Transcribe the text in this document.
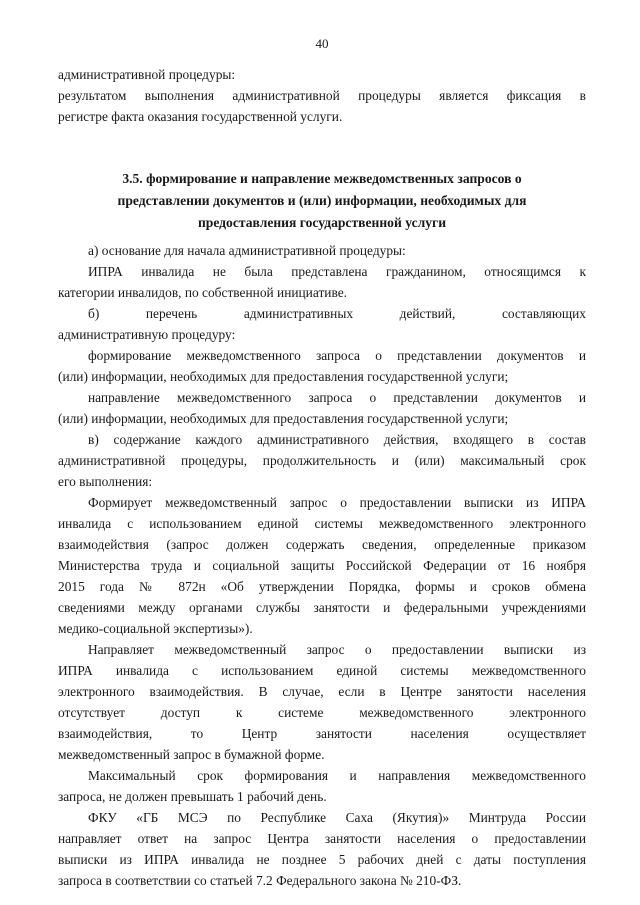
40
административной процедуры:
результатом выполнения административной процедуры является фиксация в
регистре факта оказания государственной услуги.
3.5. формирование и направление межведомственных запросов о
представлении документов и (или) информации, необходимых для
предоставления государственной услуги
а) основание для начала административной процедуры:
ИПРА инвалида не была представлена гражданином, относящимся к
категории инвалидов, по собственной инициативе.
б) перечень административных действий, составляющих
административную процедуру:
формирование межведомственного запроса о представлении документов и
(или) информации, необходимых для предоставления государственной услуги;
направление межведомственного запроса о представлении документов и
(или) информации, необходимых для предоставления государственной услуги;
в) содержание каждого административного действия, входящего в состав
административной процедуры, продолжительность и (или) максимальный срок
его выполнения:
Формирует межведомственный запрос о предоставлении выписки из ИПРА
инвалида с использованием единой системы межведомственного электронного
взаимодействия (запрос должен содержать сведения, определенные приказом
Министерства труда и социальной защиты Российской Федерации от 16 ноября
2015 года № 872н «Об утверждении Порядка, формы и сроков обмена
сведениями между органами службы занятости и федеральными учреждениями
медико-социальной экспертизы»).
Направляет межведомственный запрос о предоставлении выписки из
ИПРА инвалида с использованием единой системы межведомственного
электронного взаимодействия. В случае, если в Центре занятости населения
отсутствует доступ к системе межведомственного электронного
взаимодействия, то Центр занятости населения осуществляет
межведомственный запрос в бумажной форме.
Максимальный срок формирования и направления межведомственного
запроса, не должен превышать 1 рабочий день.
ФКУ «ГБ МСЭ по Республике Саха (Якутия)» Минтруда России
направляет ответ на запрос Центра занятости населения о предоставлении
выписки из ИПРА инвалида не позднее 5 рабочих дней с даты поступления
запроса в соответствии со статьей 7.2 Федерального закона № 210-ФЗ.
